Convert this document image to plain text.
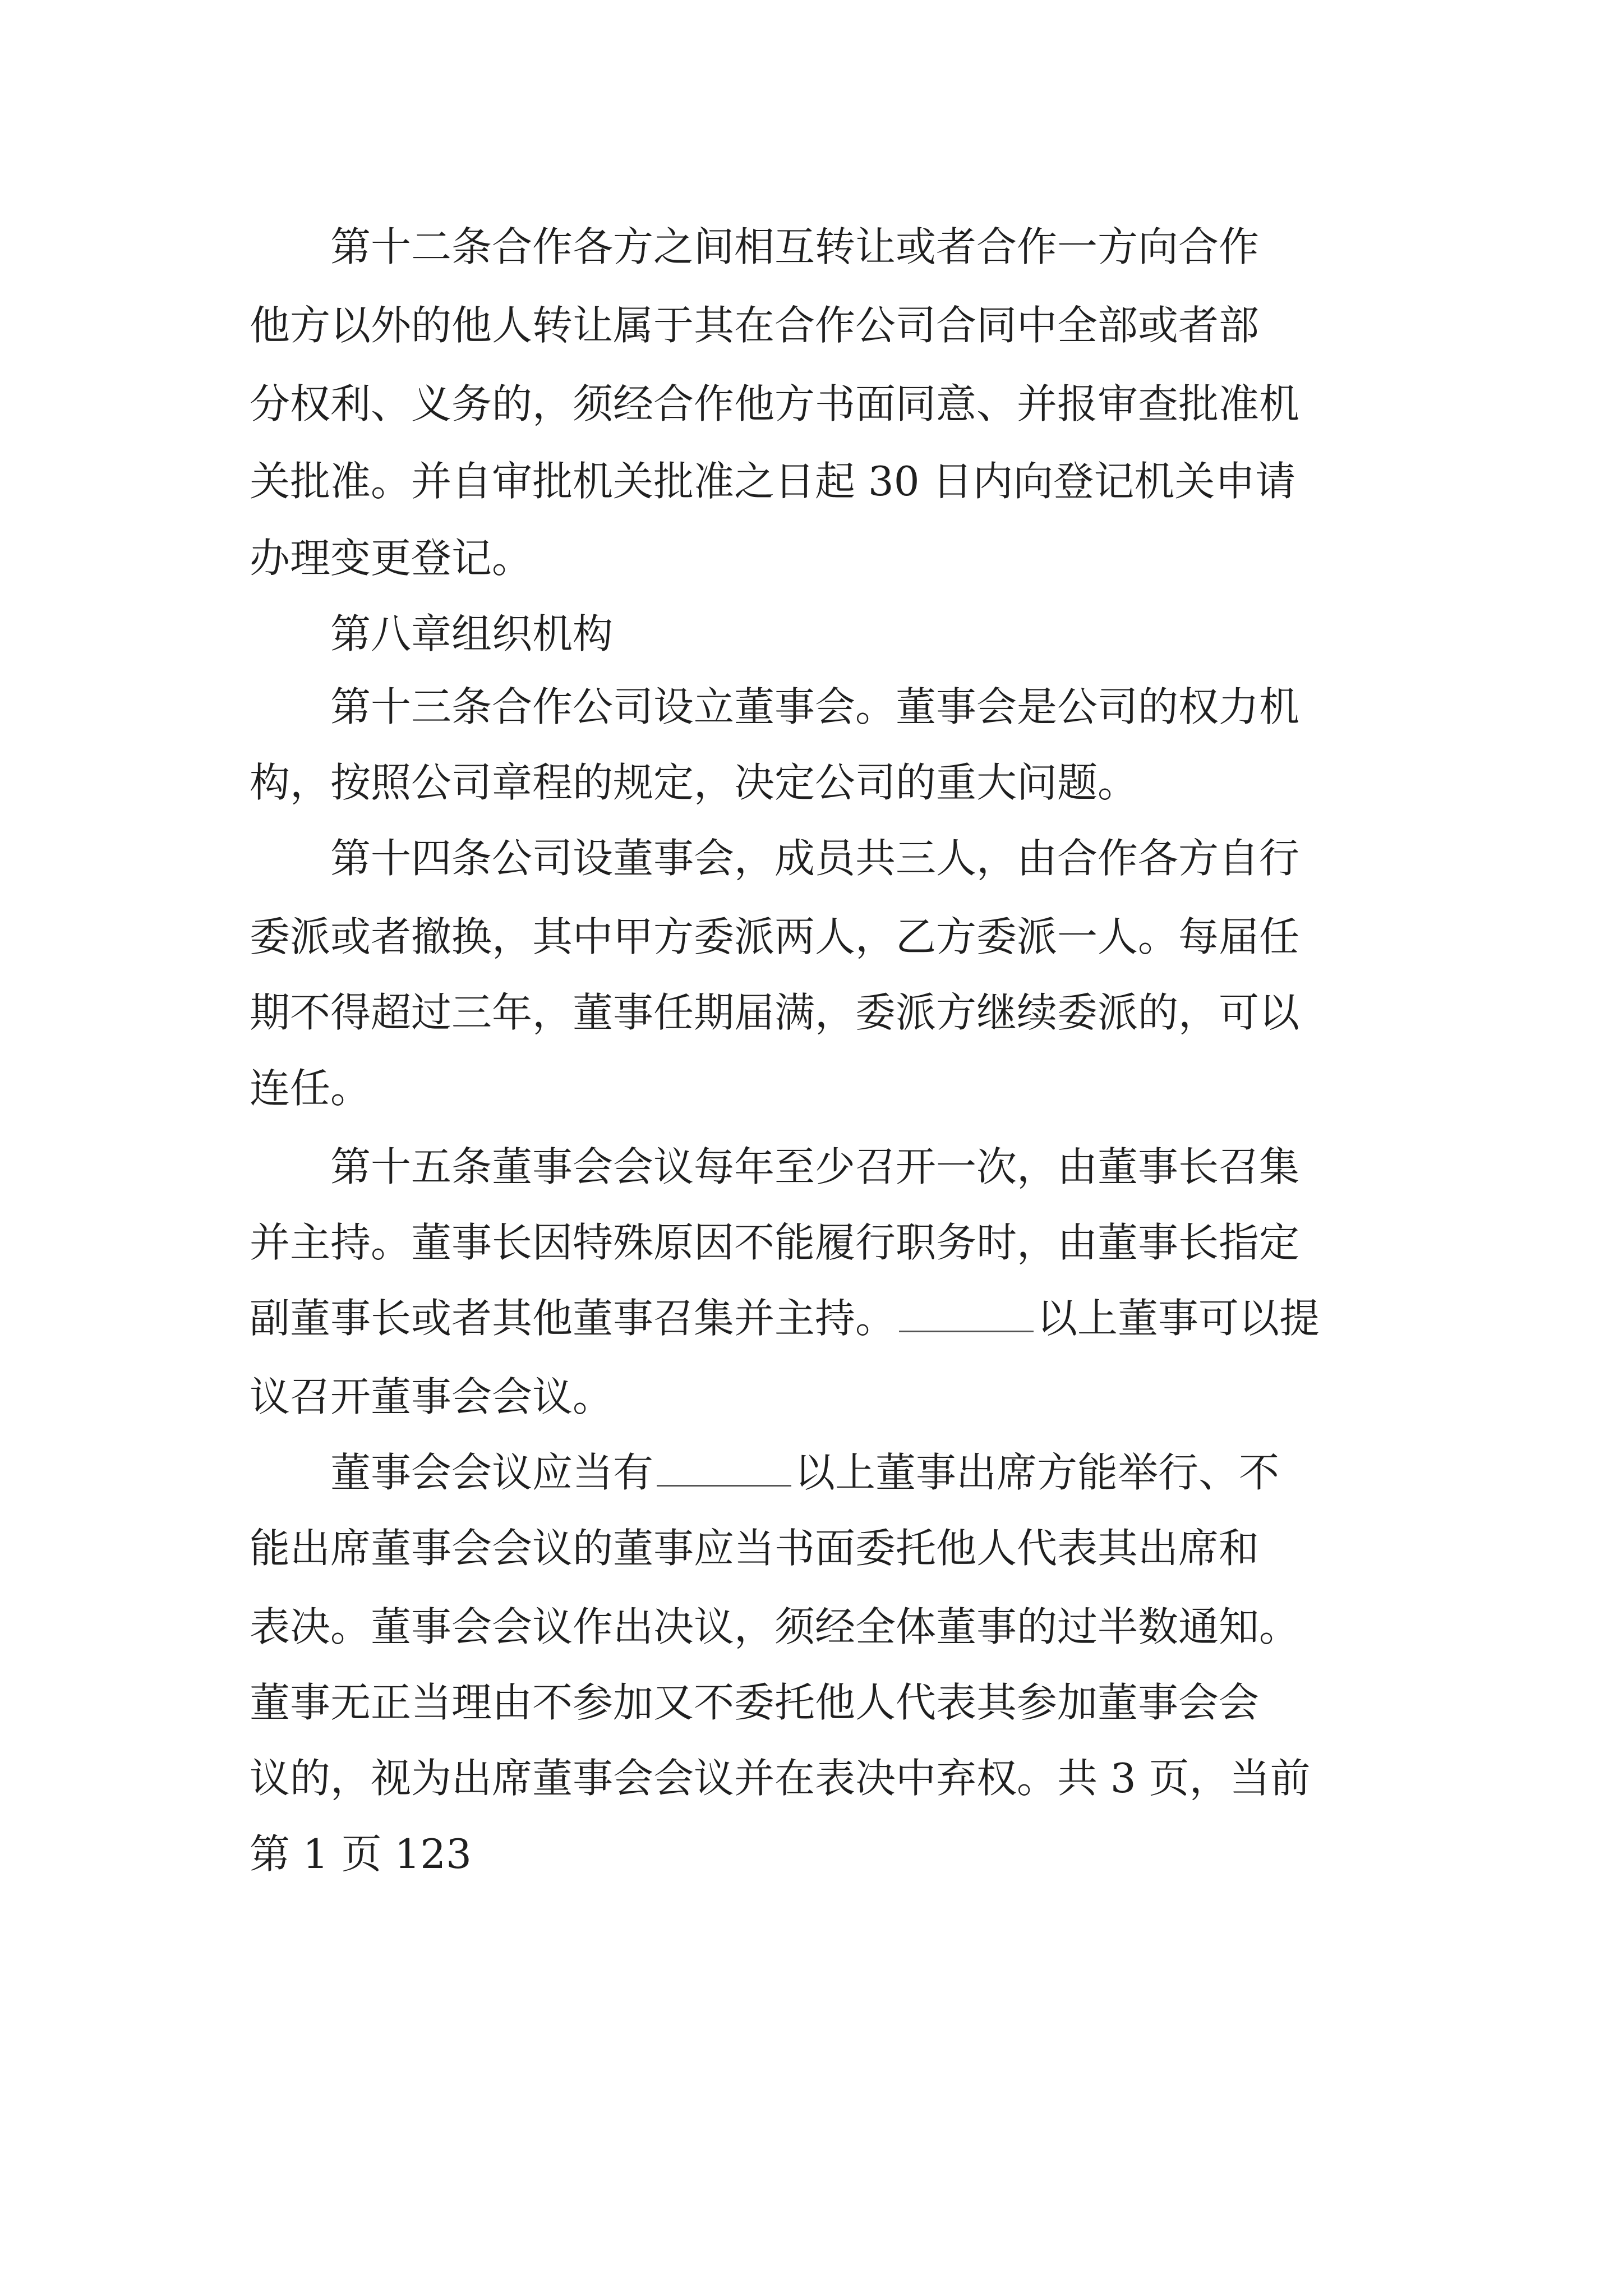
　　第十二条合作各方之间相互转让或者合作一方向合作

他方以外的他人转让属于其在合作公司合同中全部或者部

分权利、义务的，须经合作他方书面同意、并报审查批准机

关批准。并自审批机关批准之日起 30 日内向登记机关申请

办理变更登记。

　　第八章组织机构

　　第十三条合作公司设立董事会。董事会是公司的权力机

构，按照公司章程的规定，决定公司的重大问题。

　　第十四条公司设董事会，成员共三人，由合作各方自行

委派或者撤换，其中甲方委派两人，乙方委派一人。每届任

期不得超过三年，董事任期届满，委派方继续委派的，可以

连任。

　　第十五条董事会会议每年至少召开一次，由董事长召集

并主持。董事长因特殊原因不能履行职务时，由董事长指定

副董事长或者其他董事召集并主持。	以上董事可以提

议召开董事会会议。

　　董事会会议应当有	以上董事出席方能举行、不

能出席董事会会议的董事应当书面委托他人代表其出席和

表决。董事会会议作出决议，须经全体董事的过半数通知。

董事无正当理由不参加又不委托他人代表其参加董事会会

议的，视为出席董事会会议并在表决中弃权。共 3 页，当前

第 1 页 123
